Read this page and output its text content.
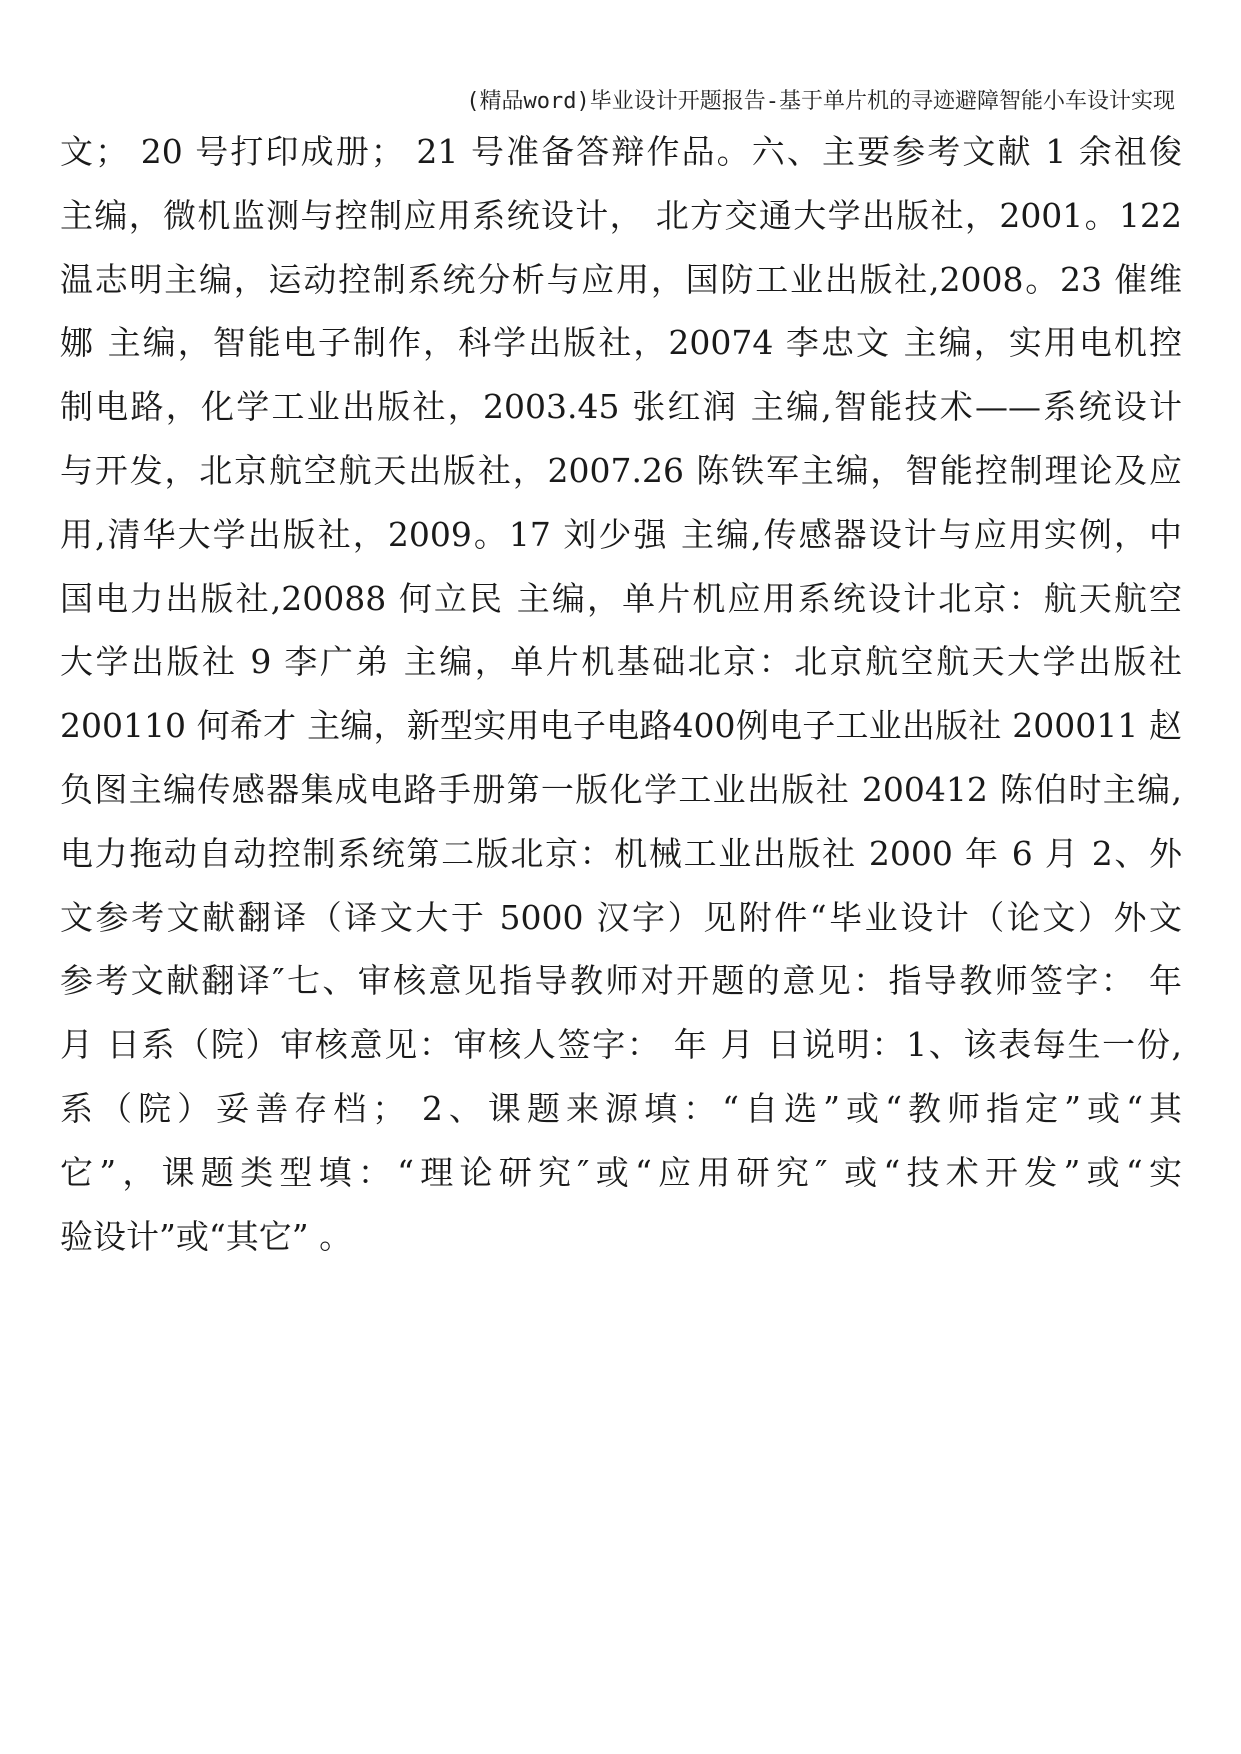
(精品word)毕业设计开题报告-基于单片机的寻迹避障智能小车设计实现
文； 20 号打印成册； 21 号准备答辩作品。六、主要参考文献 1 余祖俊
主编，微机监测与控制应用系统设计， 北方交通大学出版社，2001。122
温志明主编，运动控制系统分析与应用，国防工业出版社,2008。23 催维
娜 主编，智能电子制作，科学出版社，20074 李忠文 主编，实用电机控
制电路，化学工业出版社，2003.45 张红润 主编,智能技术——系统设计
与开发，北京航空航天出版社，2007.26 陈铁军主编，智能控制理论及应
用,清华大学出版社，2009。17 刘少强 主编,传感器设计与应用实例，中
国电力出版社,20088 何立民 主编，单片机应用系统设计北京：航天航空
大学出版社 9 李广弟 主编，单片机基础北京：北京航空航天大学出版社
200110 何希才 主编，新型实用电子电路400例电子工业出版社 200011 赵
负图主编传感器集成电路手册第一版化学工业出版社 200412 陈伯时主编,
电力拖动自动控制系统第二版北京：机械工业出版社 2000 年 6 月 2、外
文参考文献翻译（译文大于 5000 汉字）见附件“毕业设计（论文）外文
参考文献翻译″七、审核意见指导教师对开题的意见：指导教师签字： 年
月 日系（院）审核意见：审核人签字： 年 月 日说明：1、该表每生一份,
系（院）妥善存档； 2、课题来源填：“自选”或“教师指定”或“其
它”，课题类型填：“理论研究″或“应用研究″ 或“技术开发”或“实
验设计”或“其它” 。
